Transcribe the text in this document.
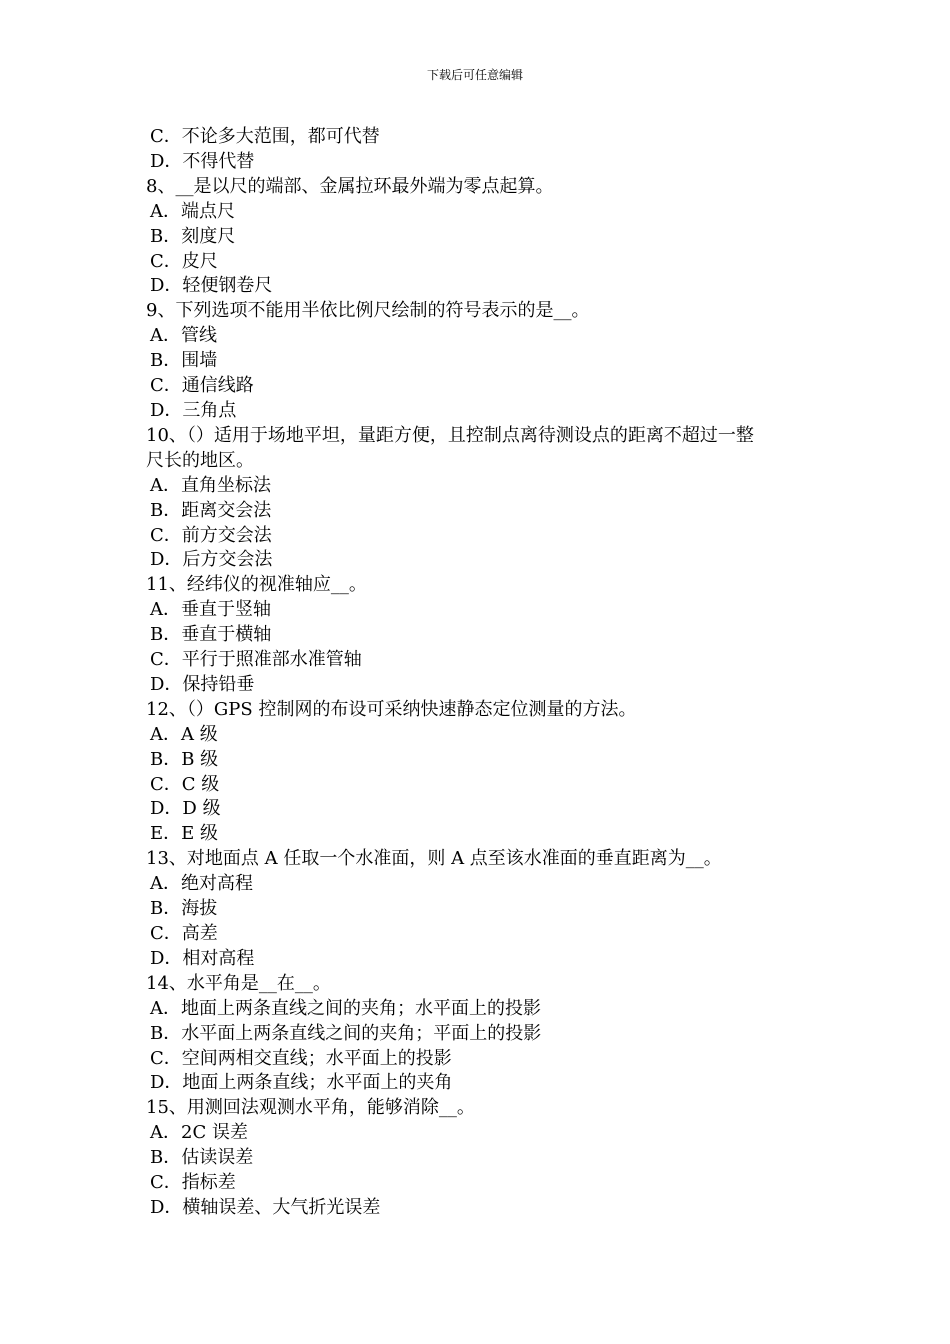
下载后可任意编辑
C．不论多大范围，都可代替
D．不得代替
8、__是以尺的端部、金属拉环最外端为零点起算。
A．端点尺
B．刻度尺
C．皮尺
D．轻便钢卷尺
9、下列选项不能用半依比例尺绘制的符号表示的是__。
A．管线
B．围墙
C．通信线路
D．三角点
10、（）适用于场地平坦，量距方便，且控制点离待测设点的距离不超过一整
尺长的地区。
A．直角坐标法
B．距离交会法
C．前方交会法
D．后方交会法
11、经纬仪的视准轴应__。
A．垂直于竖轴
B．垂直于横轴
C．平行于照准部水准管轴
D．保持铅垂
12、（）GPS 控制网的布设可采纳快速静态定位测量的方法。
A．A 级
B．B 级
C．C 级
D．D 级
E．E 级
13、对地面点 A 任取一个水准面，则 A 点至该水准面的垂直距离为__。
A．绝对高程
B．海拔
C．高差
D．相对高程
14、水平角是__在__。
A．地面上两条直线之间的夹角；水平面上的投影
B．水平面上两条直线之间的夹角；平面上的投影
C．空间两相交直线；水平面上的投影
D．地面上两条直线；水平面上的夹角
15、用测回法观测水平角，能够消除__。
A．2C 误差
B．估读误差
C．指标差
D．横轴误差、大气折光误差
